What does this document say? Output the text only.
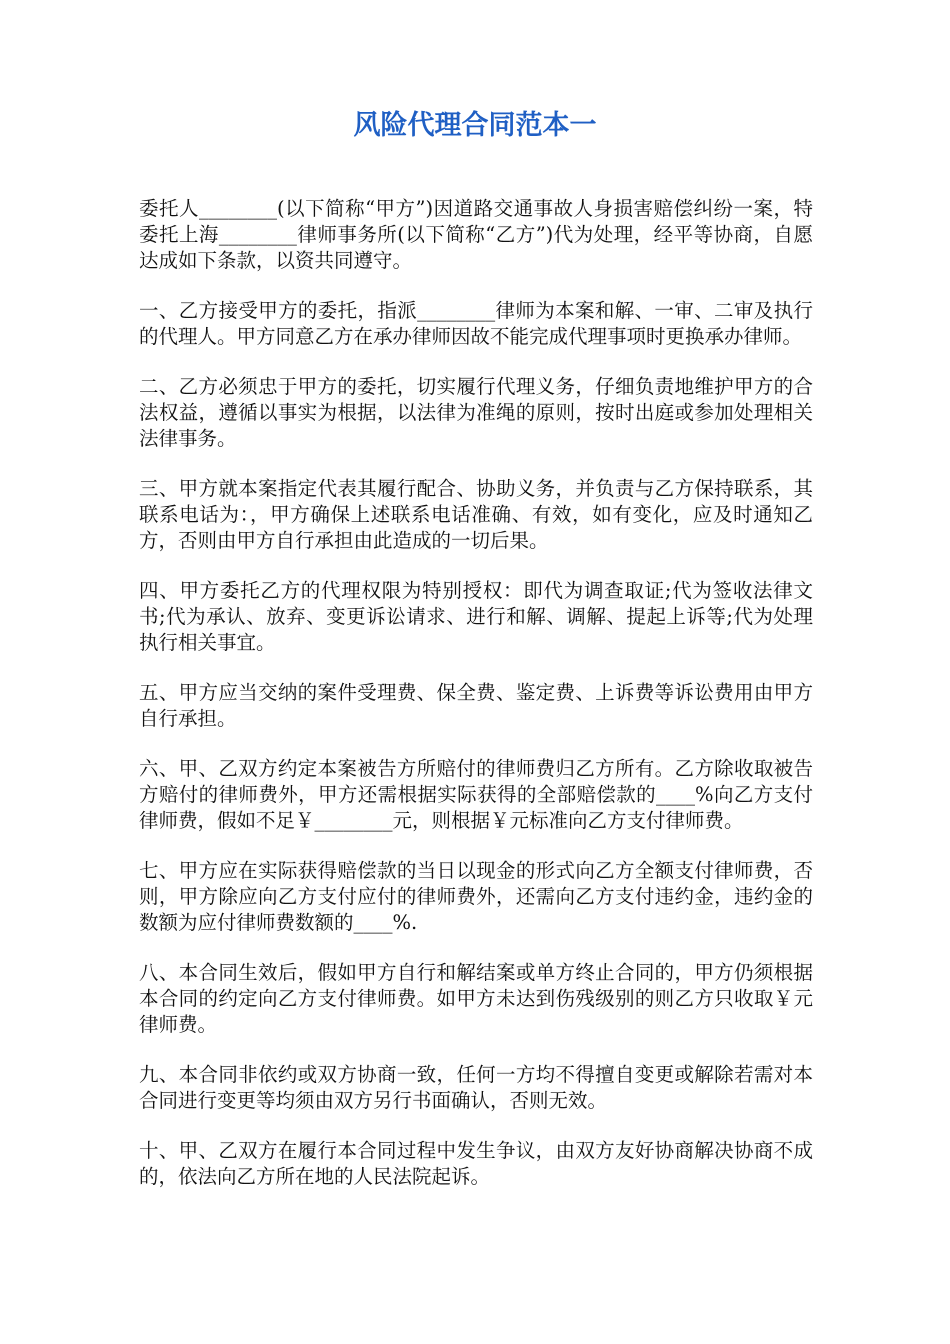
风险代理合同范本一

委托人________(以下简称“甲方”)因道路交通事故人身损害赔偿纠纷一案，特委托上海________律师事务所(以下简称“乙方”)代为处理，经平等协商，自愿达成如下条款，以资共同遵守。

一、乙方接受甲方的委托，指派________律师为本案和解、一审、二审及执行的代理人。甲方同意乙方在承办律师因故不能完成代理事项时更换承办律师。

二、乙方必须忠于甲方的委托，切实履行代理义务，仔细负责地维护甲方的合法权益，遵循以事实为根据，以法律为准绳的原则，按时出庭或参加处理相关法律事务。

三、甲方就本案指定代表其履行配合、协助义务，并负责与乙方保持联系，其联系电话为：，甲方确保上述联系电话准确、有效，如有变化，应及时通知乙方，否则由甲方自行承担由此造成的一切后果。

四、甲方委托乙方的代理权限为特别授权：即代为调查取证;代为签收法律文书;代为承认、放弃、变更诉讼请求、进行和解、调解、提起上诉等;代为处理执行相关事宜。

五、甲方应当交纳的案件受理费、保全费、鉴定费、上诉费等诉讼费用由甲方自行承担。

六、甲、乙双方约定本案被告方所赔付的律师费归乙方所有。乙方除收取被告方赔付的律师费外，甲方还需根据实际获得的全部赔偿款的____%向乙方支付律师费，假如不足￥________元，则根据￥元标准向乙方支付律师费。

七、甲方应在实际获得赔偿款的当日以现金的形式向乙方全额支付律师费，否则，甲方除应向乙方支付应付的律师费外，还需向乙方支付违约金，违约金的数额为应付律师费数额的____%.

八、本合同生效后，假如甲方自行和解结案或单方终止合同的，甲方仍须根据本合同的约定向乙方支付律师费。如甲方未达到伤残级别的则乙方只收取￥元律师费。

九、本合同非依约或双方协商一致，任何一方均不得擅自变更或解除若需对本合同进行变更等均须由双方另行书面确认，否则无效。

十、甲、乙双方在履行本合同过程中发生争议，由双方友好协商解决协商不成的，依法向乙方所在地的人民法院起诉。
